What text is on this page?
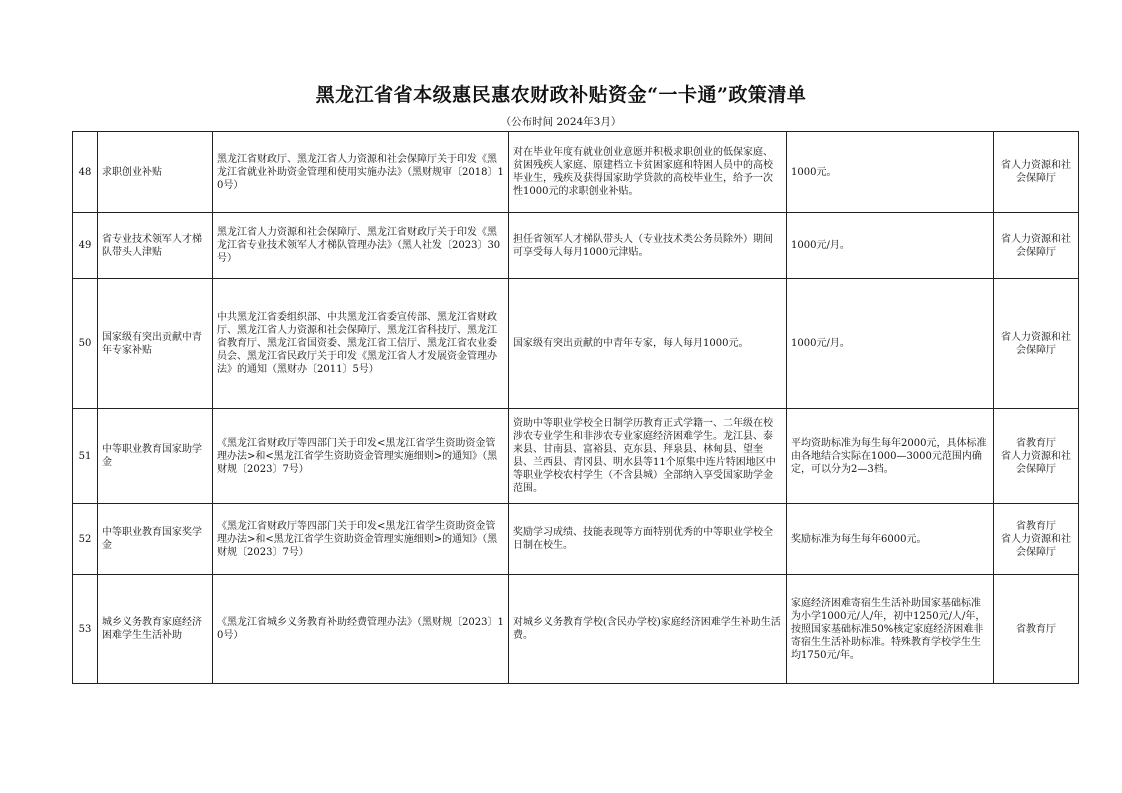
黑龙江省省本级惠民惠农财政补贴资金“一卡通”政策清单
（公布时间 2024年3月）
48	求职创业补贴	黑龙江省财政厅、黑龙江省人力资源和社会保障厅关于印发《黑龙江省就业补助资金管理和使用实施办法》（黑财规审〔2018〕10号）	对在毕业年度有就业创业意愿并积极求职创业的低保家庭、贫困残疾人家庭、原建档立卡贫困家庭和特困人员中的高校毕业生，残疾及获得国家助学贷款的高校毕业生，给予一次性1000元的求职创业补贴。	1000元。	省人力资源和社会保障厅
49	省专业技术领军人才梯队带头人津贴	黑龙江省人力资源和社会保障厅、黑龙江省财政厅关于印发《黑龙江省专业技术领军人才梯队管理办法》（黑人社发〔2023〕30号）	担任省领军人才梯队带头人（专业技术类公务员除外）期间可享受每人每月1000元津贴。	1000元/月。	省人力资源和社会保障厅
50	国家级有突出贡献中青年专家补贴	中共黑龙江省委组织部、中共黑龙江省委宣传部、黑龙江省财政厅、黑龙江省人力资源和社会保障厅、黑龙江省科技厅、黑龙江省教育厅、黑龙江省国资委、黑龙江省工信厅、黑龙江省农业委员会、黑龙江省民政厅关于印发《黑龙江省人才发展资金管理办法》的通知（黑财办〔2011〕5号）	国家级有突出贡献的中青年专家，每人每月1000元。	1000元/月。	省人力资源和社会保障厅
51	中等职业教育国家助学金	《黑龙江省财政厅等四部门关于印发<黑龙江省学生资助资金管理办法>和<黑龙江省学生资助资金管理实施细则>的通知》（黑财规〔2023〕7号）	资助中等职业学校全日制学历教育正式学籍一、二年级在校涉农专业学生和非涉农专业家庭经济困难学生。龙江县、泰来县、甘南县、富裕县、克东县、拜泉县、林甸县、望奎县、兰西县、青冈县、明水县等11个原集中连片特困地区中等职业学校农村学生（不含县城）全部纳入享受国家助学金范围。	平均资助标准为每生每年2000元，具体标准由各地结合实际在1000—3000元范围内确定，可以分为2—3档。	省教育厅
省人力资源和社会保障厅
52	中等职业教育国家奖学金	《黑龙江省财政厅等四部门关于印发<黑龙江省学生资助资金管理办法>和<黑龙江省学生资助资金管理实施细则>的通知》（黑财规〔2023〕7号）	奖励学习成绩、技能表现等方面特别优秀的中等职业学校全日制在校生。	奖励标准为每生每年6000元。	省教育厅
省人力资源和社会保障厅
53	城乡义务教育家庭经济困难学生生活补助	《黑龙江省城乡义务教育补助经费管理办法》（黑财规〔2023〕10号）	对城乡义务教育学校(含民办学校)家庭经济困难学生补助生活费。	家庭经济困难寄宿生生活补助国家基础标准为小学1000元/人/年，初中1250元/人/年，按照国家基础标准50%核定家庭经济困难非寄宿生生活补助标准。特殊教育学校学生生均1750元/年。	省教育厅
